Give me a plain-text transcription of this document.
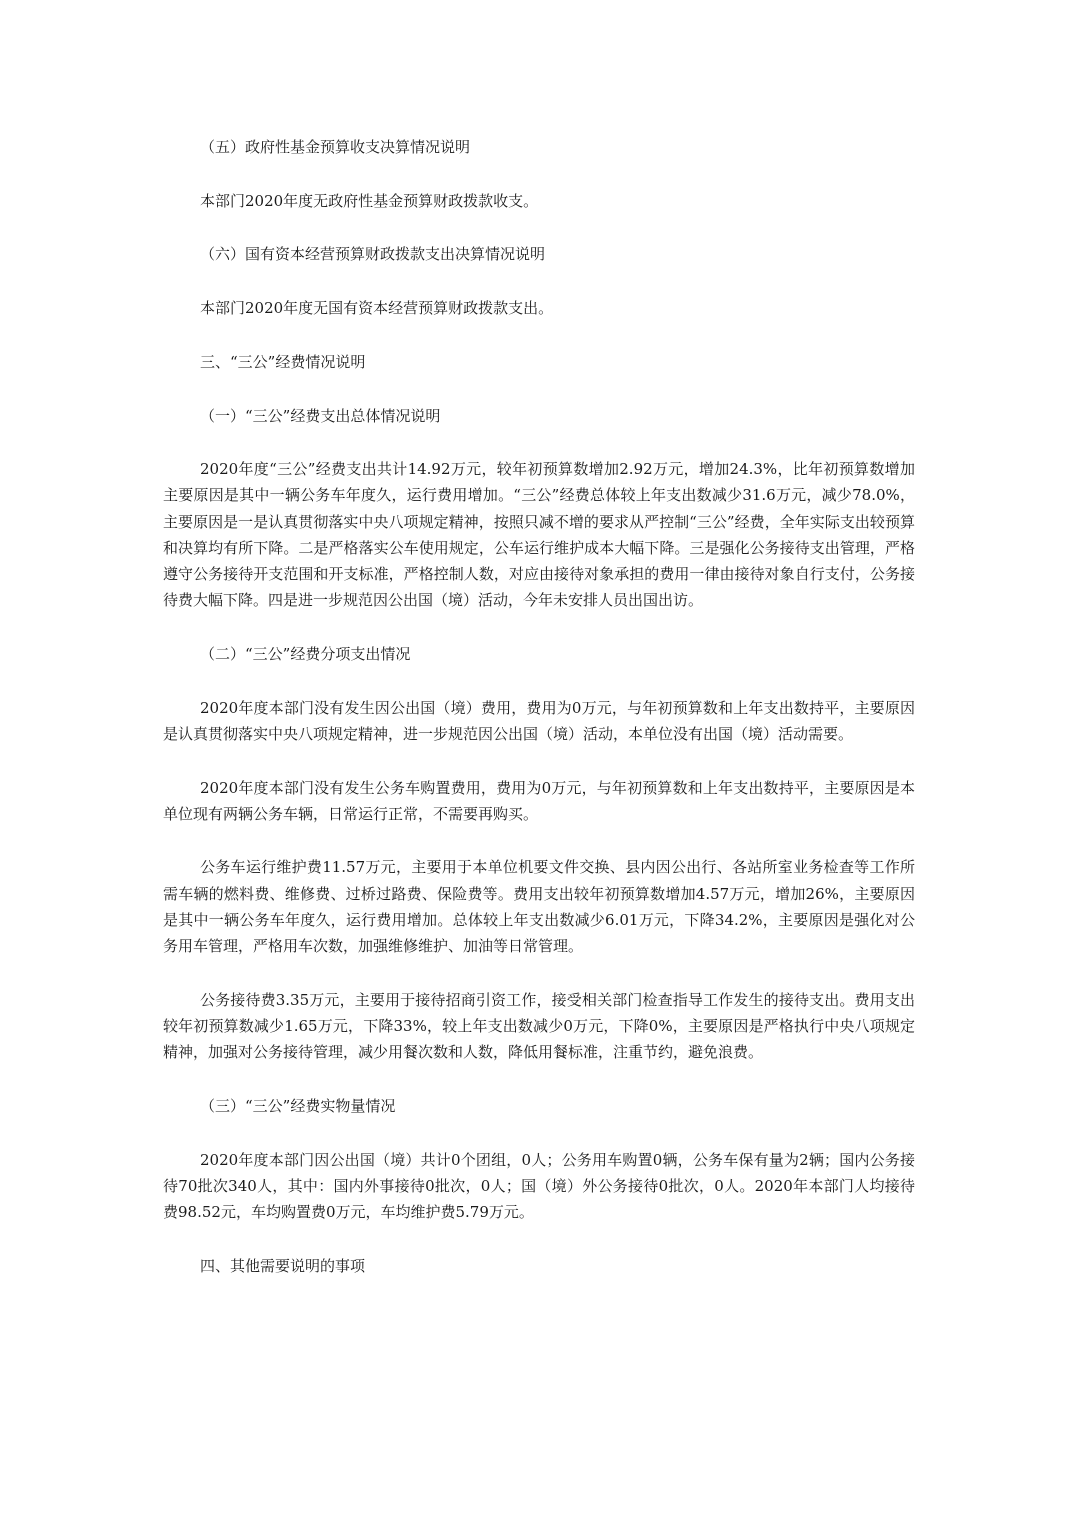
（五）政府性基金预算收支决算情况说明

本部门2020年度无政府性基金预算财政拨款收支。

（六）国有资本经营预算财政拨款支出决算情况说明

本部门2020年度无国有资本经营预算财政拨款支出。

三、“三公”经费情况说明

（一）“三公”经费支出总体情况说明

2020年度“三公”经费支出共计14.92万元，较年初预算数增加2.92万元，增加24.3%，比年初预算数增加主要原因是其中一辆公务车年度久，运行费用增加。“三公”经费总体较上年支出数减少31.6万元，减少78.0%，主要原因是一是认真贯彻落实中央八项规定精神，按照只减不增的要求从严控制“三公”经费，全年实际支出较预算和决算均有所下降。二是严格落实公车使用规定，公车运行维护成本大幅下降。三是强化公务接待支出管理，严格遵守公务接待开支范围和开支标准，严格控制人数，对应由接待对象承担的费用一律由接待对象自行支付，公务接待费大幅下降。四是进一步规范因公出国（境）活动，今年未安排人员出国出访。

（二）“三公”经费分项支出情况

2020年度本部门没有发生因公出国（境）费用，费用为0万元，与年初预算数和上年支出数持平，主要原因是认真贯彻落实中央八项规定精神，进一步规范因公出国（境）活动，本单位没有出国（境）活动需要。

2020年度本部门没有发生公务车购置费用，费用为0万元，与年初预算数和上年支出数持平，主要原因是本单位现有两辆公务车辆，日常运行正常，不需要再购买。

公务车运行维护费11.57万元，主要用于本单位机要文件交换、县内因公出行、各站所室业务检查等工作所需车辆的燃料费、维修费、过桥过路费、保险费等。费用支出较年初预算数增加4.57万元，增加26%，主要原因是其中一辆公务车年度久，运行费用增加。总体较上年支出数减少6.01万元，下降34.2%，主要原因是强化对公务用车管理，严格用车次数，加强维修维护、加油等日常管理。

公务接待费3.35万元，主要用于接待招商引资工作，接受相关部门检查指导工作发生的接待支出。费用支出较年初预算数减少1.65万元，下降33%，较上年支出数减少0万元，下降0%，主要原因是严格执行中央八项规定精神，加强对公务接待管理，减少用餐次数和人数，降低用餐标准，注重节约，避免浪费。

（三）“三公”经费实物量情况

2020年度本部门因公出国（境）共计0个团组，0人；公务用车购置0辆，公务车保有量为2辆；国内公务接待70批次340人，其中：国内外事接待0批次，0人；国（境）外公务接待0批次，0人。2020年本部门人均接待费98.52元，车均购置费0万元，车均维护费5.79万元。

四、其他需要说明的事项
